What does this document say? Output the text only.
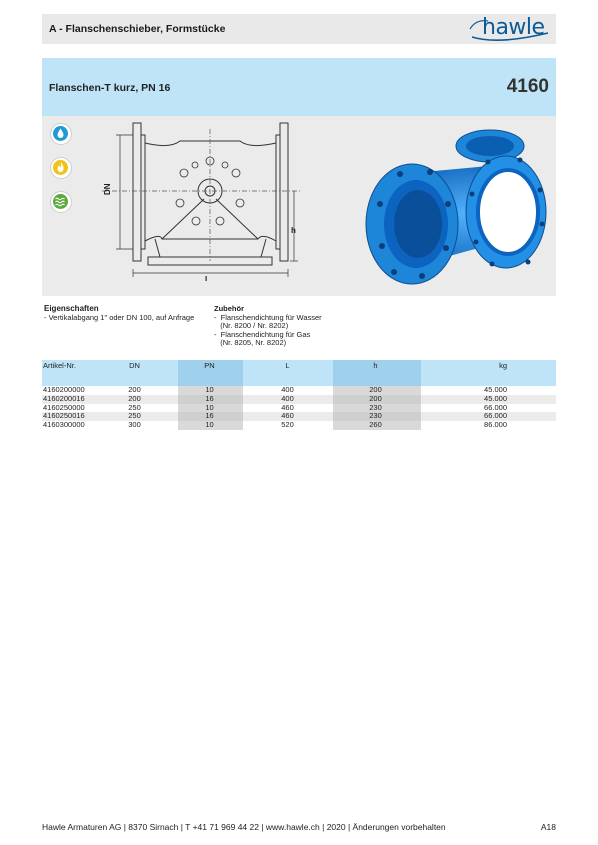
A - Flanschenschieber, Formstücke	hawle
Flanschen-T kurz, PN 16	4160
DN
h
L
Eigenschaften
- Vertikalabgang 1" oder DN 100, auf Anfrage
Zubehör
-  Flanschendichtung für Wasser
(Nr. 8200 / Nr. 8202)
-  Flanschendichtung für Gas
(Nr. 8205, Nr. 8202)
Artikel-Nr.	DN	PN	L	h	kg
4160200000	200	10	400	200	45.000
4160200016	200	16	400	200	45.000
4160250000	250	10	460	230	66.000
4160250016	250	16	460	230	66.000
4160300000	300	10	520	260	86.000
Hawle Armaturen AG | 8370 Sirnach | T +41 71 969 44 22 | www.hawle.ch | 2020 | Änderungen vorbehalten	A18
